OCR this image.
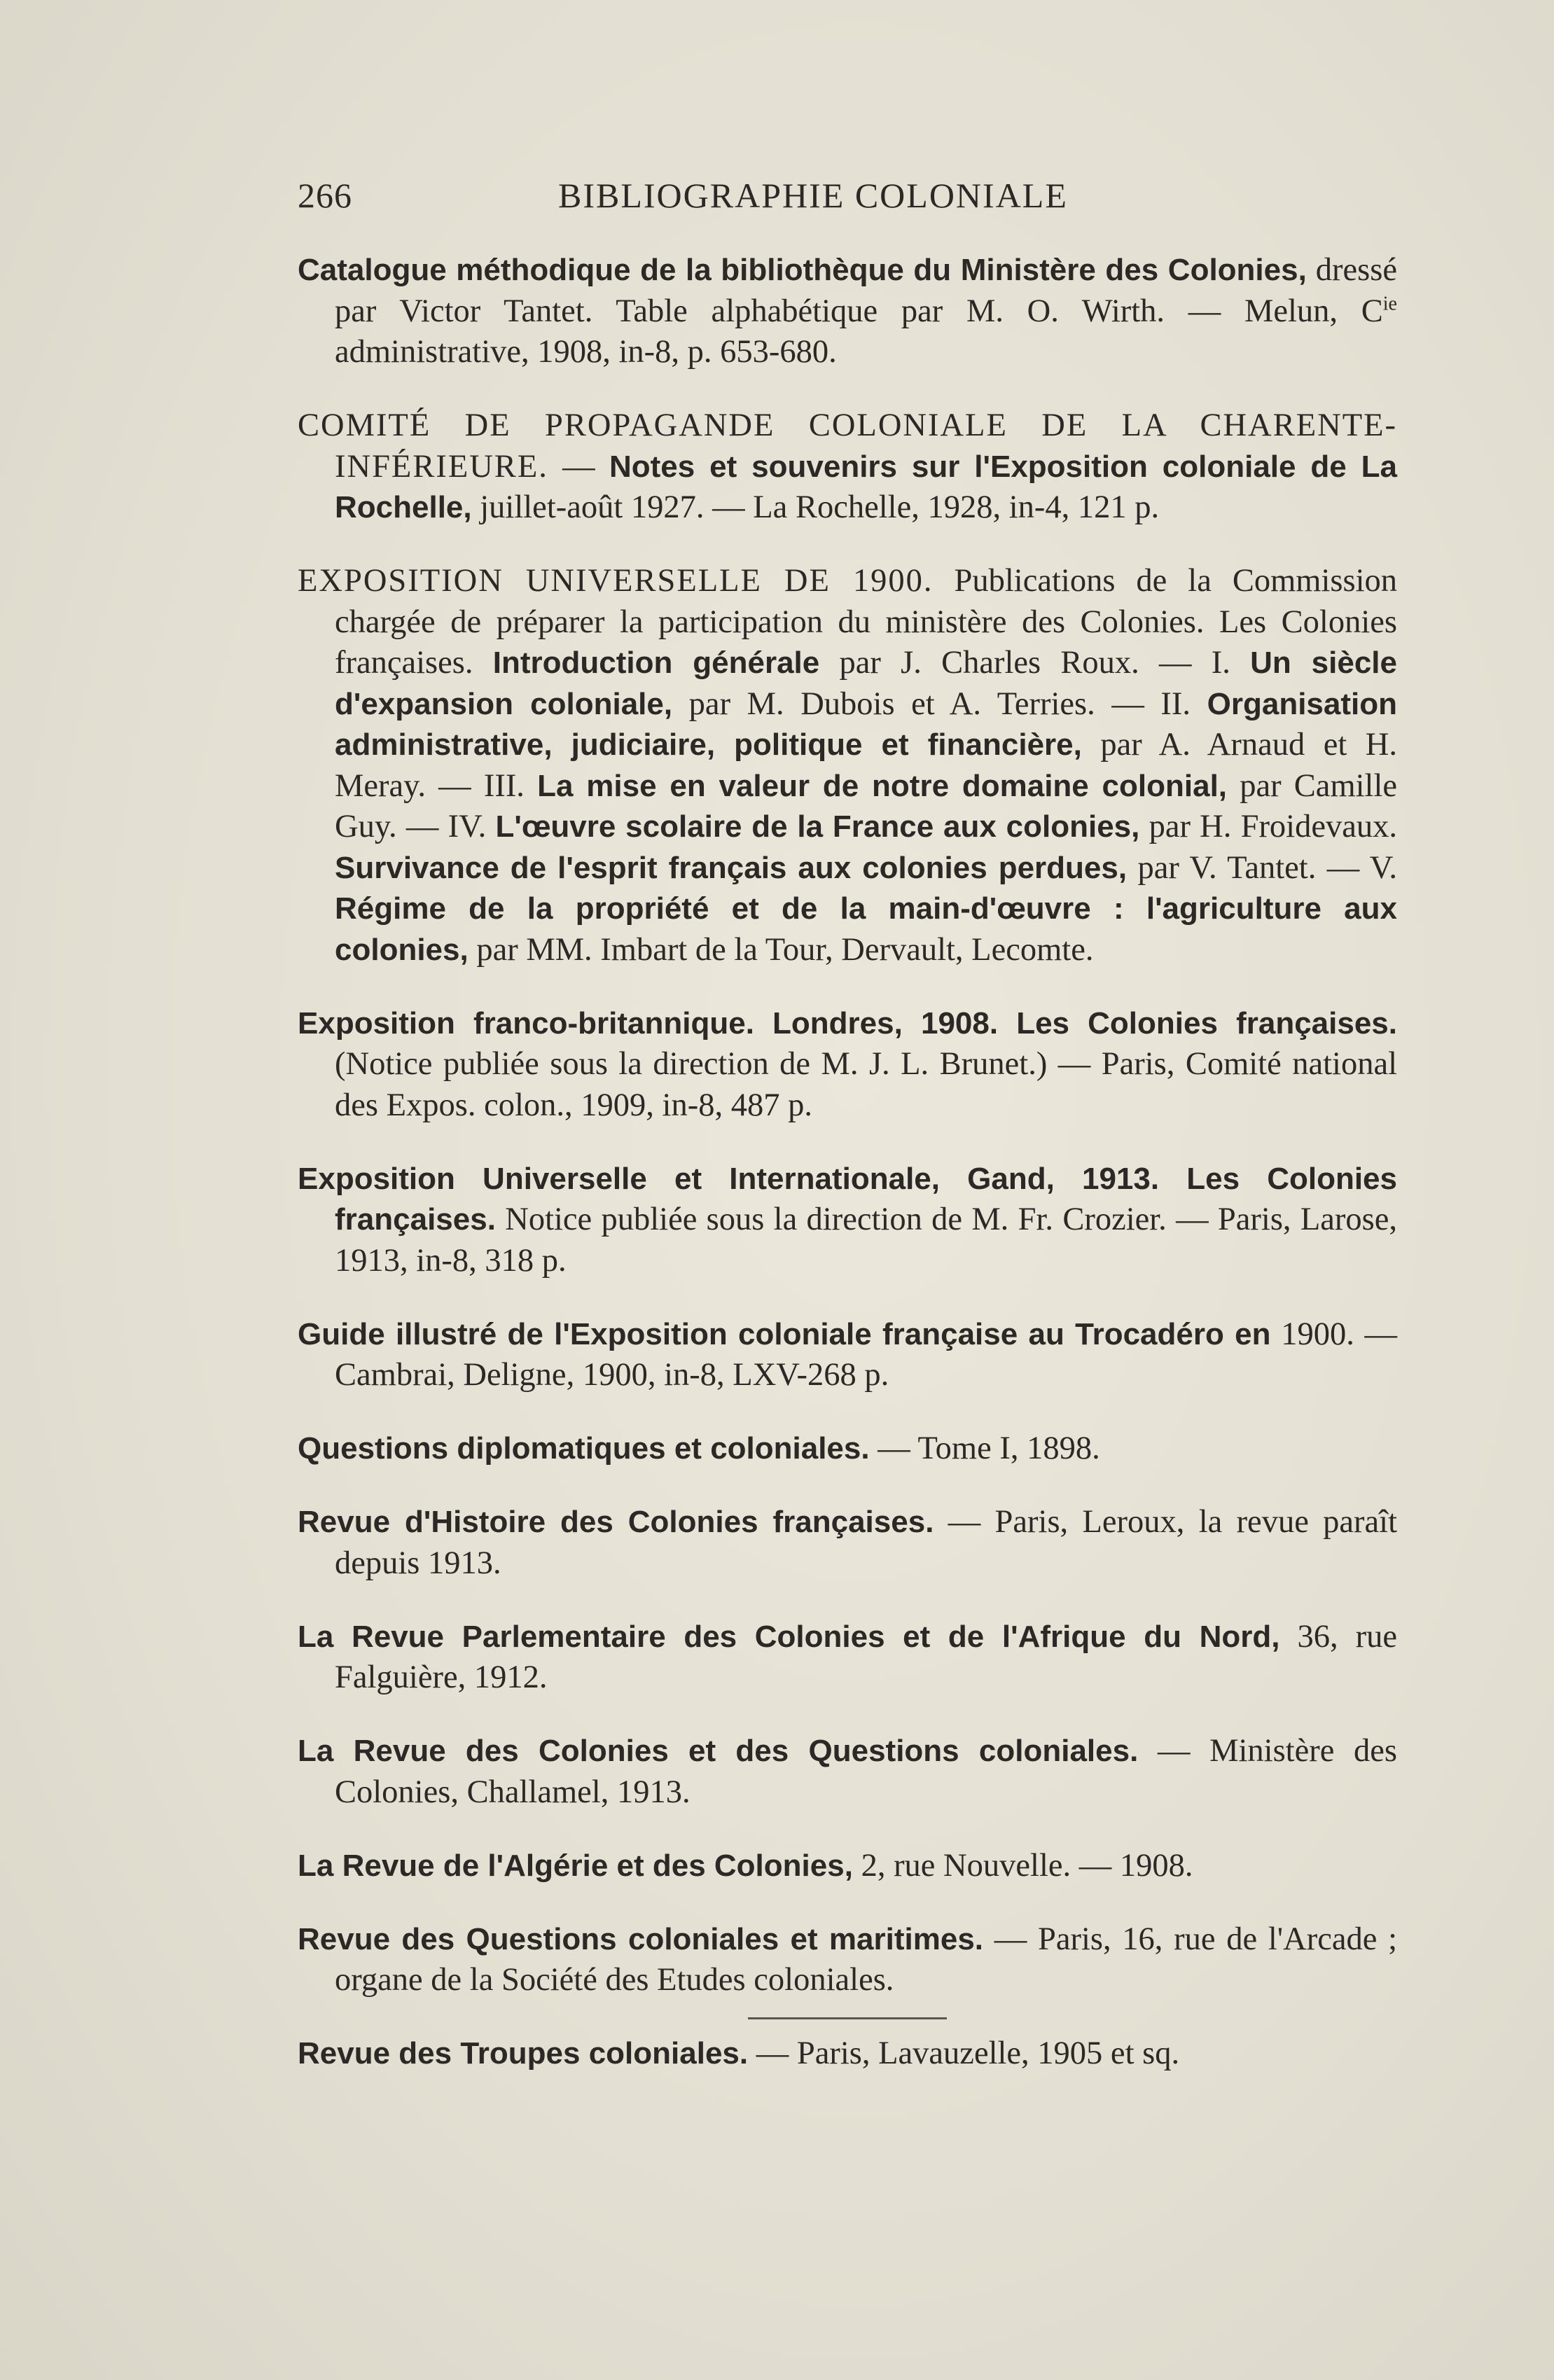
266	BIBLIOGRAPHIE COLONIALE

Catalogue méthodique de la bibliothèque du Ministère des Colonies, dressé par Victor Tantet. Table alphabétique par M. O. Wirth. — Melun, $C^{ie}$ administrative, 1908, in-8, p. 653-680.

COMITÉ DE PROPAGANDE COLONIALE DE LA CHARENTE-INFÉRIEURE. — Notes et souvenirs sur l'Exposition coloniale de La Rochelle, juillet-août 1927. — La Rochelle, 1928, in-4, 121 p.

EXPOSITION UNIVERSELLE DE 1900. Publications de la Commission chargée de préparer la participation du ministère des Colonies. Les Colonies françaises. Introduction générale par J. Charles Roux. — I. Un siècle d'expansion coloniale, par M. Dubois et A. Terries. — II. Organisation administrative, judiciaire, politique et financière, par A. Arnaud et H. Meray. — III. La mise en valeur de notre domaine colonial, par Camille Guy. — IV. L'œuvre scolaire de la France aux colonies, par H. Froidevaux. Survivance de l'esprit français aux colonies perdues, par V. Tantet. — V. Régime de la propriété et de la main-d'œuvre : l'agriculture aux colonies, par MM. Imbart de la Tour, Dervault, Lecomte.

Exposition franco-britannique. Londres, 1908. Les Colonies françaises. (Notice publiée sous la direction de M. J. L. Brunet.) — Paris, Comité national des Expos. colon., 1909, in-8, 487 p.

Exposition Universelle et Internationale, Gand, 1913. Les Colonies françaises. Notice publiée sous la direction de M. Fr. Crozier. — Paris, Larose, 1913, in-8, 318 p.

Guide illustré de l'Exposition coloniale française au Trocadéro en 1900. — Cambrai, Deligne, 1900, in-8, LXV-268 p.

Questions diplomatiques et coloniales. — Tome I, 1898.

Revue d'Histoire des Colonies françaises. — Paris, Leroux, la revue paraît depuis 1913.

La Revue Parlementaire des Colonies et de l'Afrique du Nord, 36, rue Falguière, 1912.

La Revue des Colonies et des Questions coloniales. — Ministère des Colonies, Challamel, 1913.

La Revue de l'Algérie et des Colonies, 2, rue Nouvelle. — 1908.

Revue des Questions coloniales et maritimes. — Paris, 16, rue de l'Arcade ; organe de la Société des Etudes coloniales.

Revue des Troupes coloniales. — Paris, Lavauzelle, 1905 et sq.
